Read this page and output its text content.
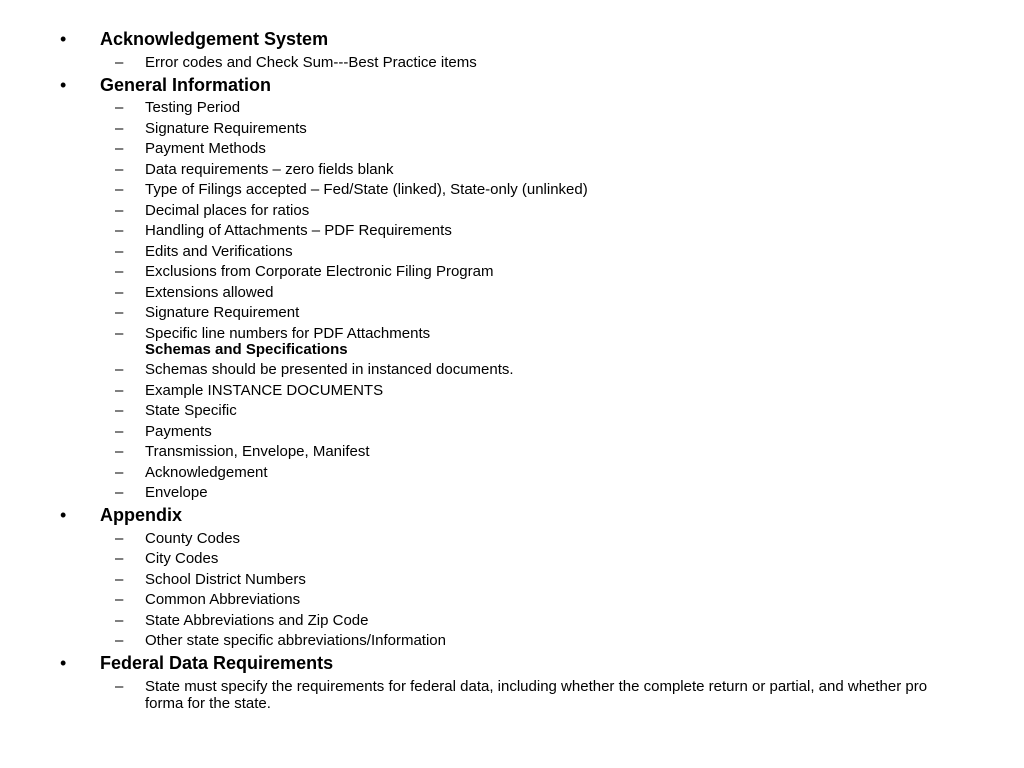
• Acknowledgement System
– Error codes and Check Sum---Best Practice items
• General Information
– Testing Period
– Signature Requirements
– Payment Methods
– Data requirements – zero fields blank
– Type of Filings accepted – Fed/State (linked), State-only (unlinked)
– Decimal places for ratios
– Handling of Attachments – PDF Requirements
– Edits and Verifications
– Exclusions from Corporate Electronic Filing Program
– Extensions allowed
– Signature Requirement
– Specific line numbers for PDF Attachments
Schemas and Specifications
– Schemas should be presented in instanced documents.
– Example INSTANCE DOCUMENTS
– State Specific
– Payments
– Transmission, Envelope, Manifest
– Acknowledgement
– Envelope
• Appendix
– County Codes
– City Codes
– School District Numbers
– Common Abbreviations
– State Abbreviations and Zip Code
– Other state specific abbreviations/Information
• Federal Data Requirements
– State must specify the requirements for federal data, including whether the complete return or partial, and whether pro forma for the state.
